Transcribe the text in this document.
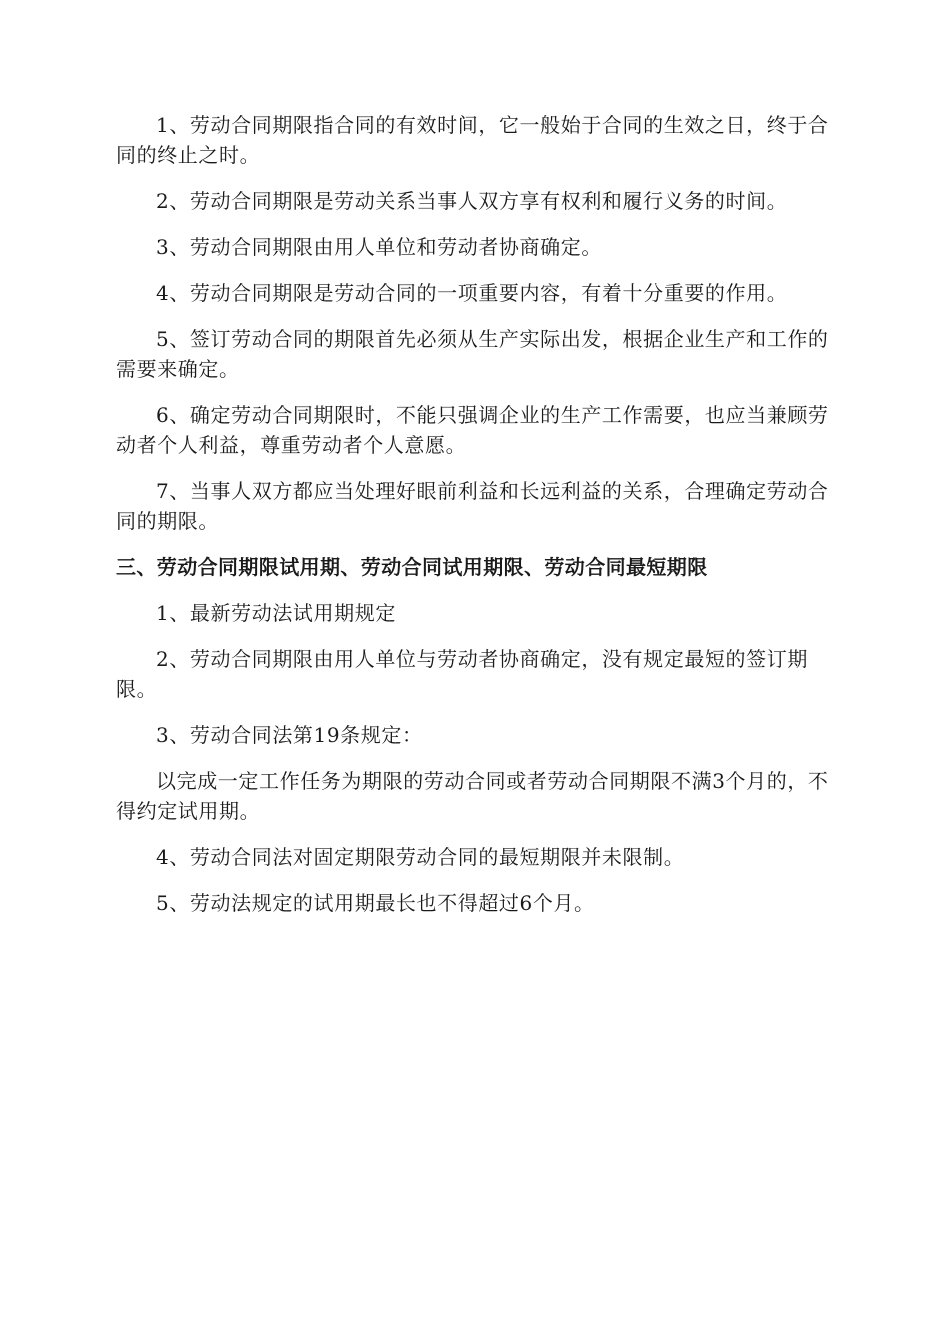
1、劳动合同期限指合同的有效时间，它一般始于合同的生效之日，终于合同的终止之时。

2、劳动合同期限是劳动关系当事人双方享有权利和履行义务的时间。

3、劳动合同期限由用人单位和劳动者协商确定。

4、劳动合同期限是劳动合同的一项重要内容，有着十分重要的作用。

5、签订劳动合同的期限首先必须从生产实际出发，根据企业生产和工作的需要来确定。

6、确定劳动合同期限时，不能只强调企业的生产工作需要，也应当兼顾劳动者个人利益，尊重劳动者个人意愿。

7、当事人双方都应当处理好眼前利益和长远利益的关系，合理确定劳动合同的期限。

三、劳动合同期限试用期、劳动合同试用期限、劳动合同最短期限

1、最新劳动法试用期规定

2、劳动合同期限由用人单位与劳动者协商确定，没有规定最短的签订期限。

3、劳动合同法第19条规定：

以完成一定工作任务为期限的劳动合同或者劳动合同期限不满3个月的，不得约定试用期。

4、劳动合同法对固定期限劳动合同的最短期限并未限制。

5、劳动法规定的试用期最长也不得超过6个月。
